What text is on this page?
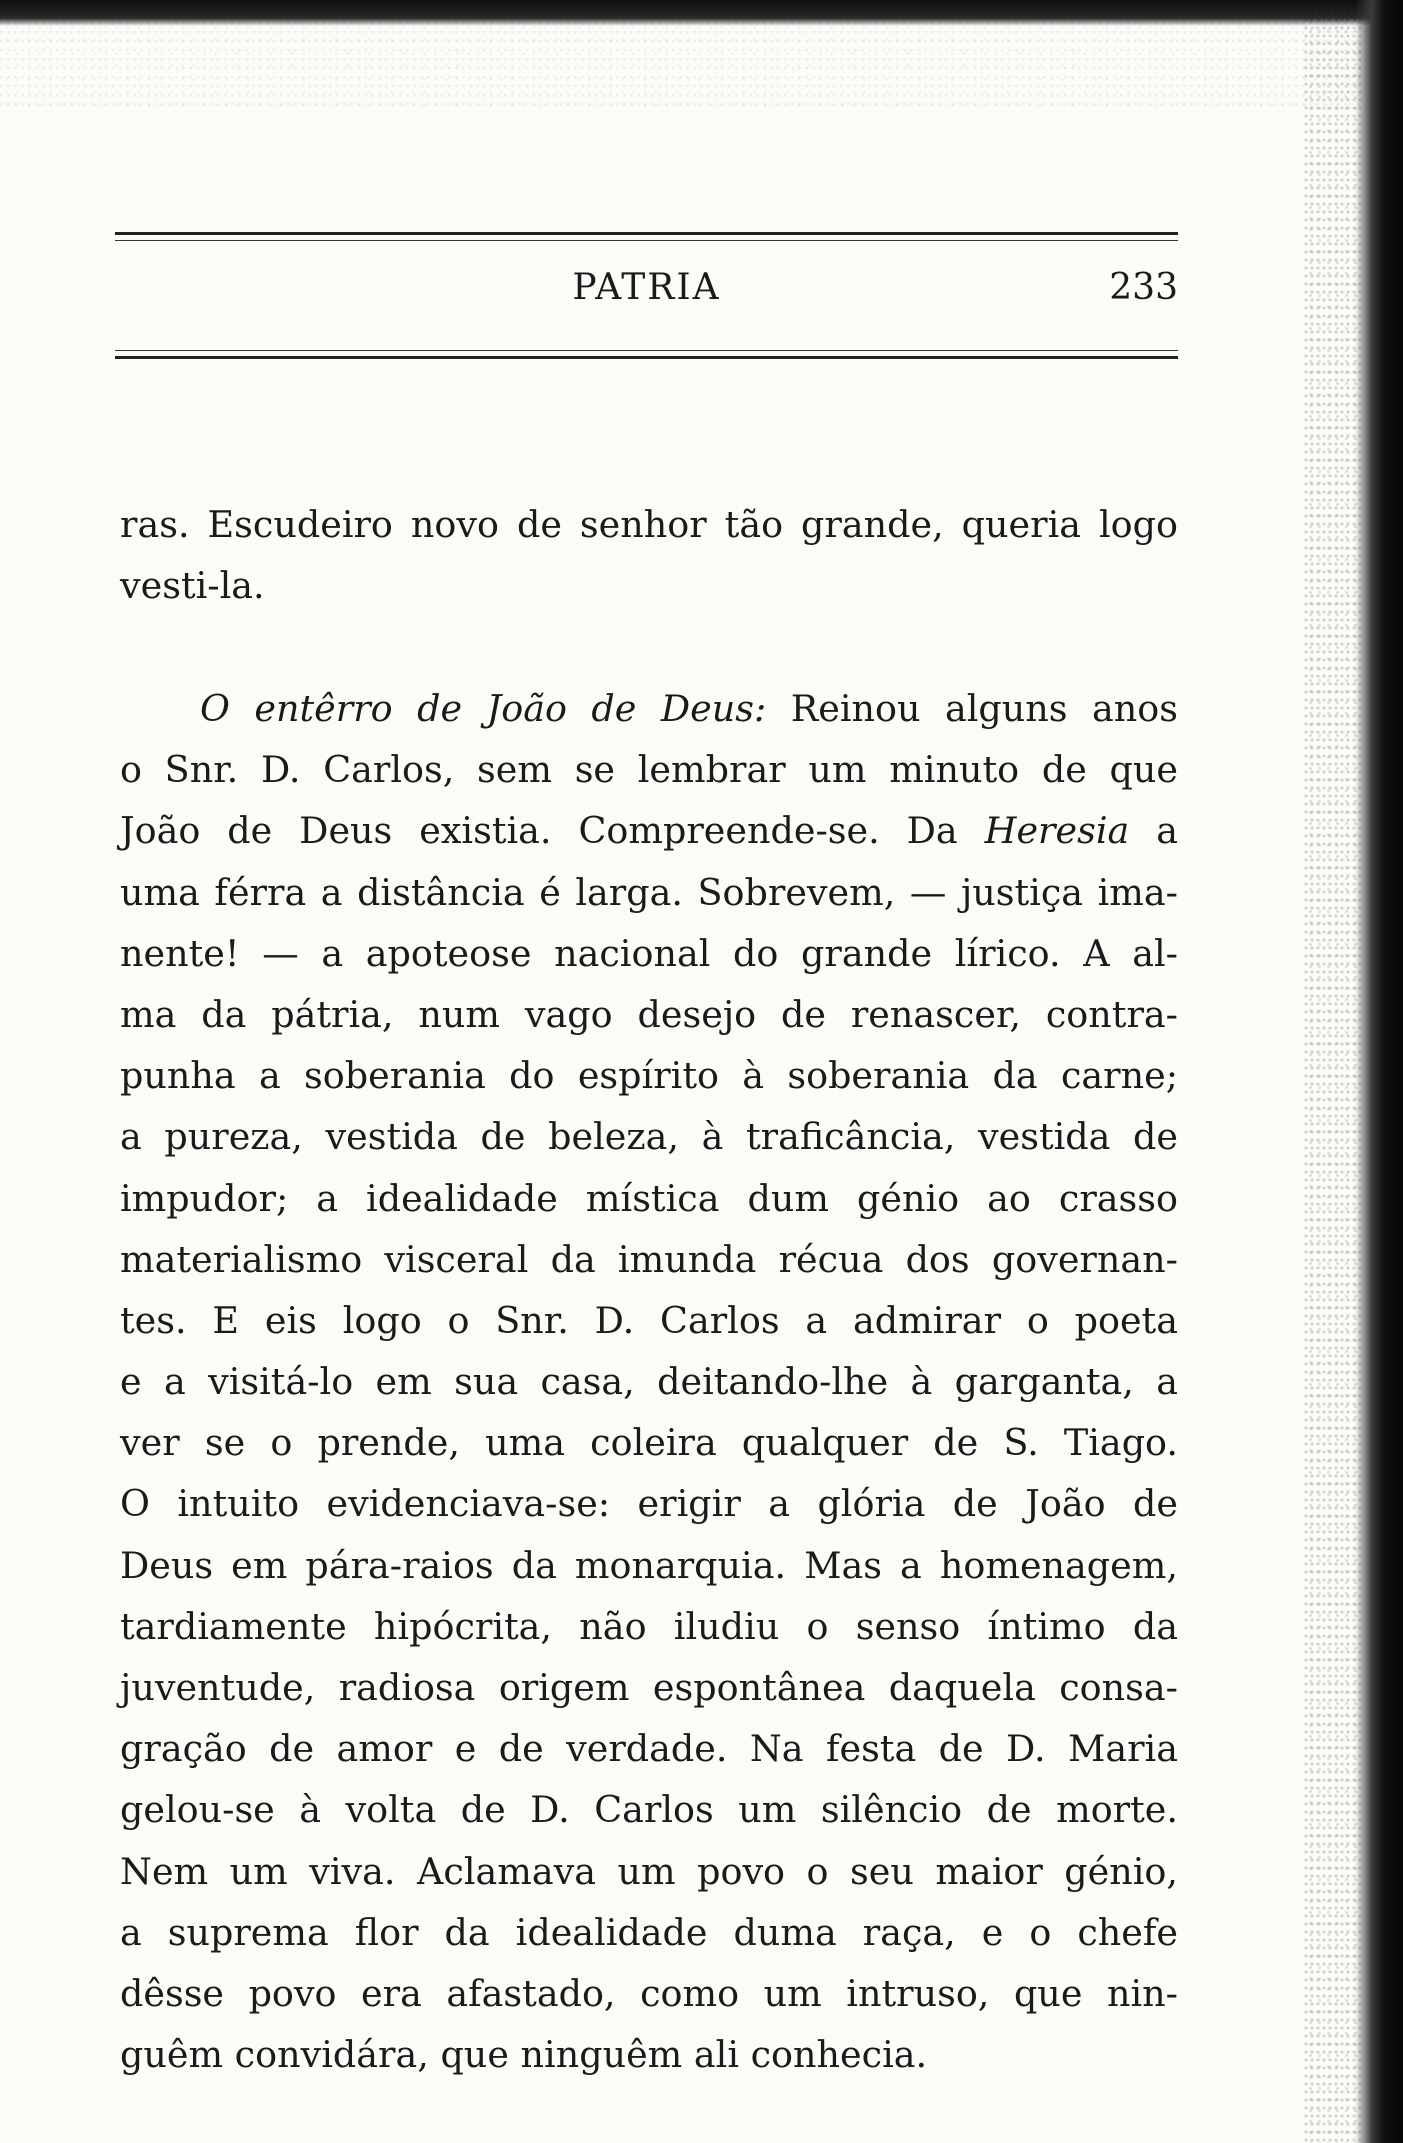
PATRIA	233
ras. Escudeiro novo de senhor tão grande, queria logo
vesti-la.
O entêrro de João de Deus: Reinou alguns anos
o Snr. D. Carlos, sem se lembrar um minuto de que
João de Deus existia. Compreende-se. Da Heresia a
uma férra a distância é larga. Sobrevem, — justiça ima-
nente! — a apoteose nacional do grande lírico. A al-
ma da pátria, num vago desejo de renascer, contra-
punha a soberania do espírito à soberania da carne;
a pureza, vestida de beleza, à traficância, vestida de
impudor; a idealidade mística dum génio ao crasso
materialismo visceral da imunda récua dos governan-
tes. E eis logo o Snr. D. Carlos a admirar o poeta
e a visitá-lo em sua casa, deitando-lhe à garganta, a
ver se o prende, uma coleira qualquer de S. Tiago.
O intuito evidenciava-se: erigir a glória de João de
Deus em pára-raios da monarquia. Mas a homenagem,
tardiamente hipócrita, não iludiu o senso íntimo da
juventude, radiosa origem espontânea daquela consa-
gração de amor e de verdade. Na festa de D. Maria
gelou-se à volta de D. Carlos um silêncio de morte.
Nem um viva. Aclamava um povo o seu maior génio,
a suprema flor da idealidade duma raça, e o chefe
dêsse povo era afastado, como um intruso, que nin-
guêm convidára, que ninguêm ali conhecia.
